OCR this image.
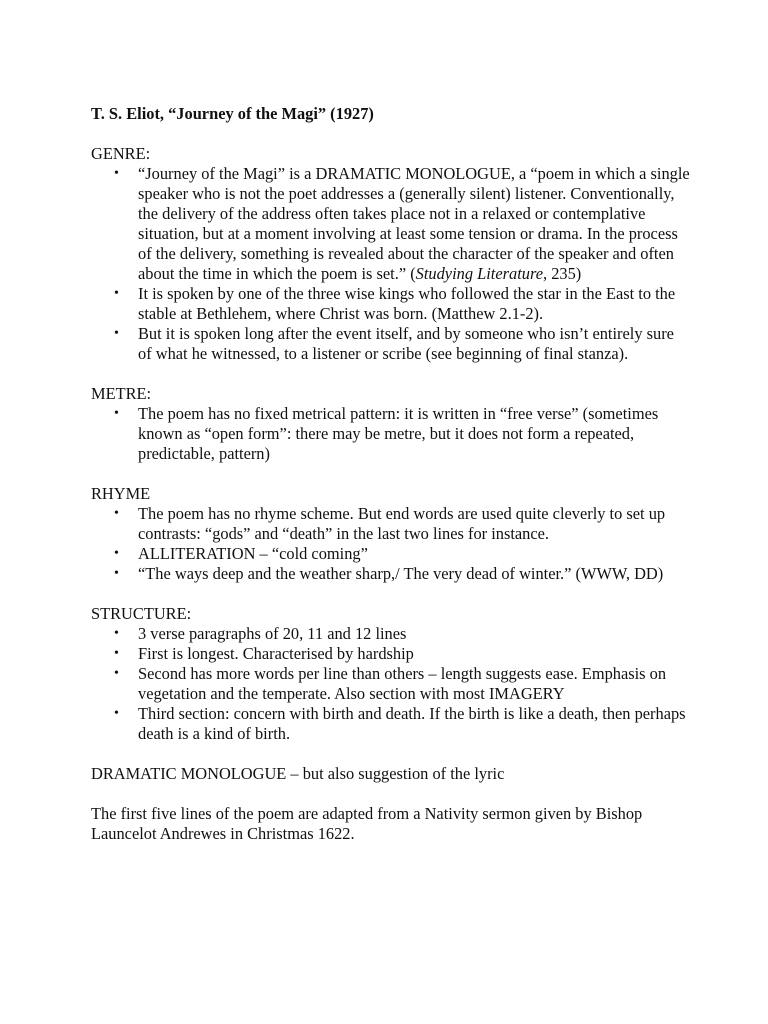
T. S. Eliot, “Journey of the Magi” (1927)

GENRE:

• “Journey of the Magi” is a DRAMATIC MONOLOGUE, a “poem in which a single speaker who is not the poet addresses a (generally silent) listener. Conventionally, the delivery of the address often takes place not in a relaxed or contemplative situation, but at a moment involving at least some tension or drama. In the process of the delivery, something is revealed about the character of the speaker and often about the time in which the poem is set.” (Studying Literature, 235)
• It is spoken by one of the three wise kings who followed the star in the East to the stable at Bethlehem, where Christ was born. (Matthew 2.1-2).
• But it is spoken long after the event itself, and by someone who isn’t entirely sure of what he witnessed, to a listener or scribe (see beginning of final stanza).

METRE:

• The poem has no fixed metrical pattern: it is written in “free verse” (sometimes known as “open form”: there may be metre, but it does not form a repeated, predictable, pattern)

RHYME

• The poem has no rhyme scheme. But end words are used quite cleverly to set up contrasts: “gods” and “death” in the last two lines for instance.
• ALLITERATION – “cold coming”
• “The ways deep and the weather sharp,/ The very dead of winter.” (WWW, DD)

STRUCTURE:

• 3 verse paragraphs of 20, 11 and 12 lines
• First is longest. Characterised by hardship
• Second has more words per line than others – length suggests ease. Emphasis on vegetation and the temperate. Also section with most IMAGERY
• Third section: concern with birth and death. If the birth is like a death, then perhaps death is a kind of birth.

DRAMATIC MONOLOGUE – but also suggestion of the lyric

The first five lines of the poem are adapted from a Nativity sermon given by Bishop Launcelot Andrewes in Christmas 1622.
